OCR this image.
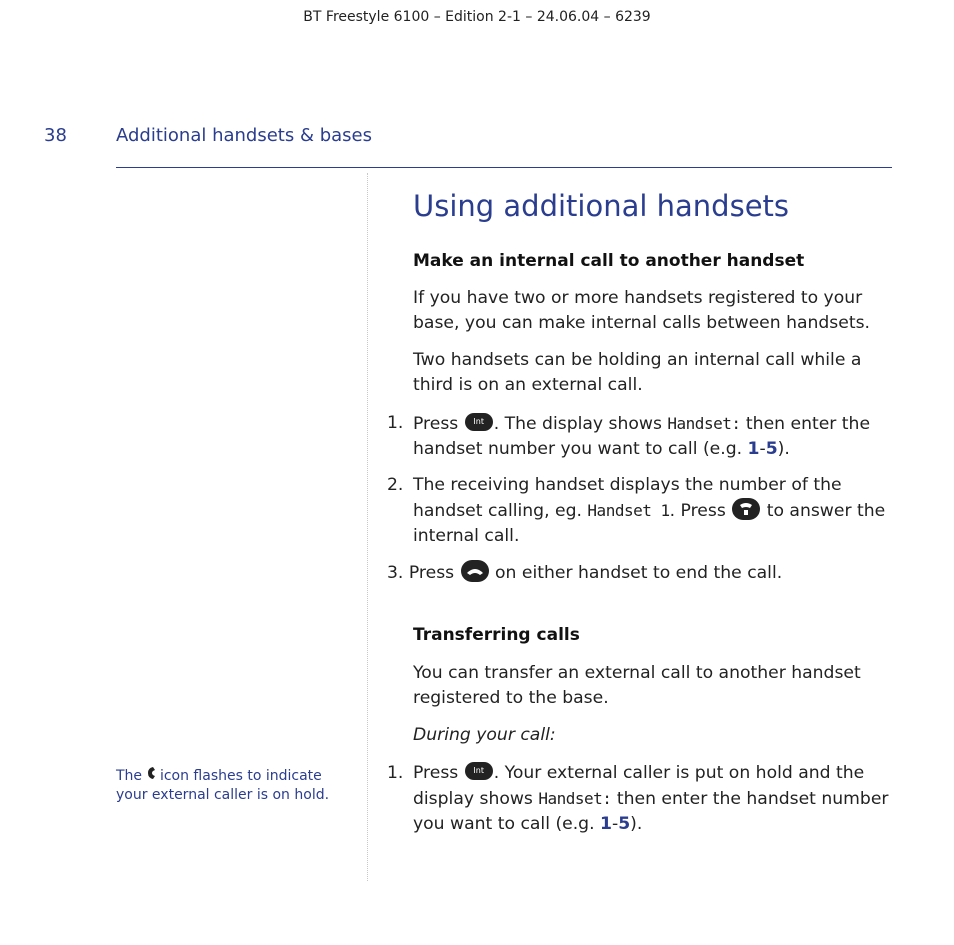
BT Freestyle 6100 – Edition 2-1 – 24.06.04 – 6239
38	Additional handsets & bases
Using additional handsets
Make an internal call to another handset
If you have two or more handsets registered to your base, you can make internal calls between handsets.
Two handsets can be holding an internal call while a third is on an external call.
1. Press Int . The display shows Handset: then enter the handset number you want to call (e.g. 1-5).
2. The receiving handset displays the number of the handset calling, eg. Handset 1. Press
to answer the internal call.
3. Press
on either handset to end the call.
Transferring calls
You can transfer an external call to another handset registered to the base.
During your call:
1. Press Int . Your external caller is put on hold and the display shows Handset: then enter the handset number you want to call (e.g. 1-5).
The  icon flashes to indicate your external caller is on hold.
